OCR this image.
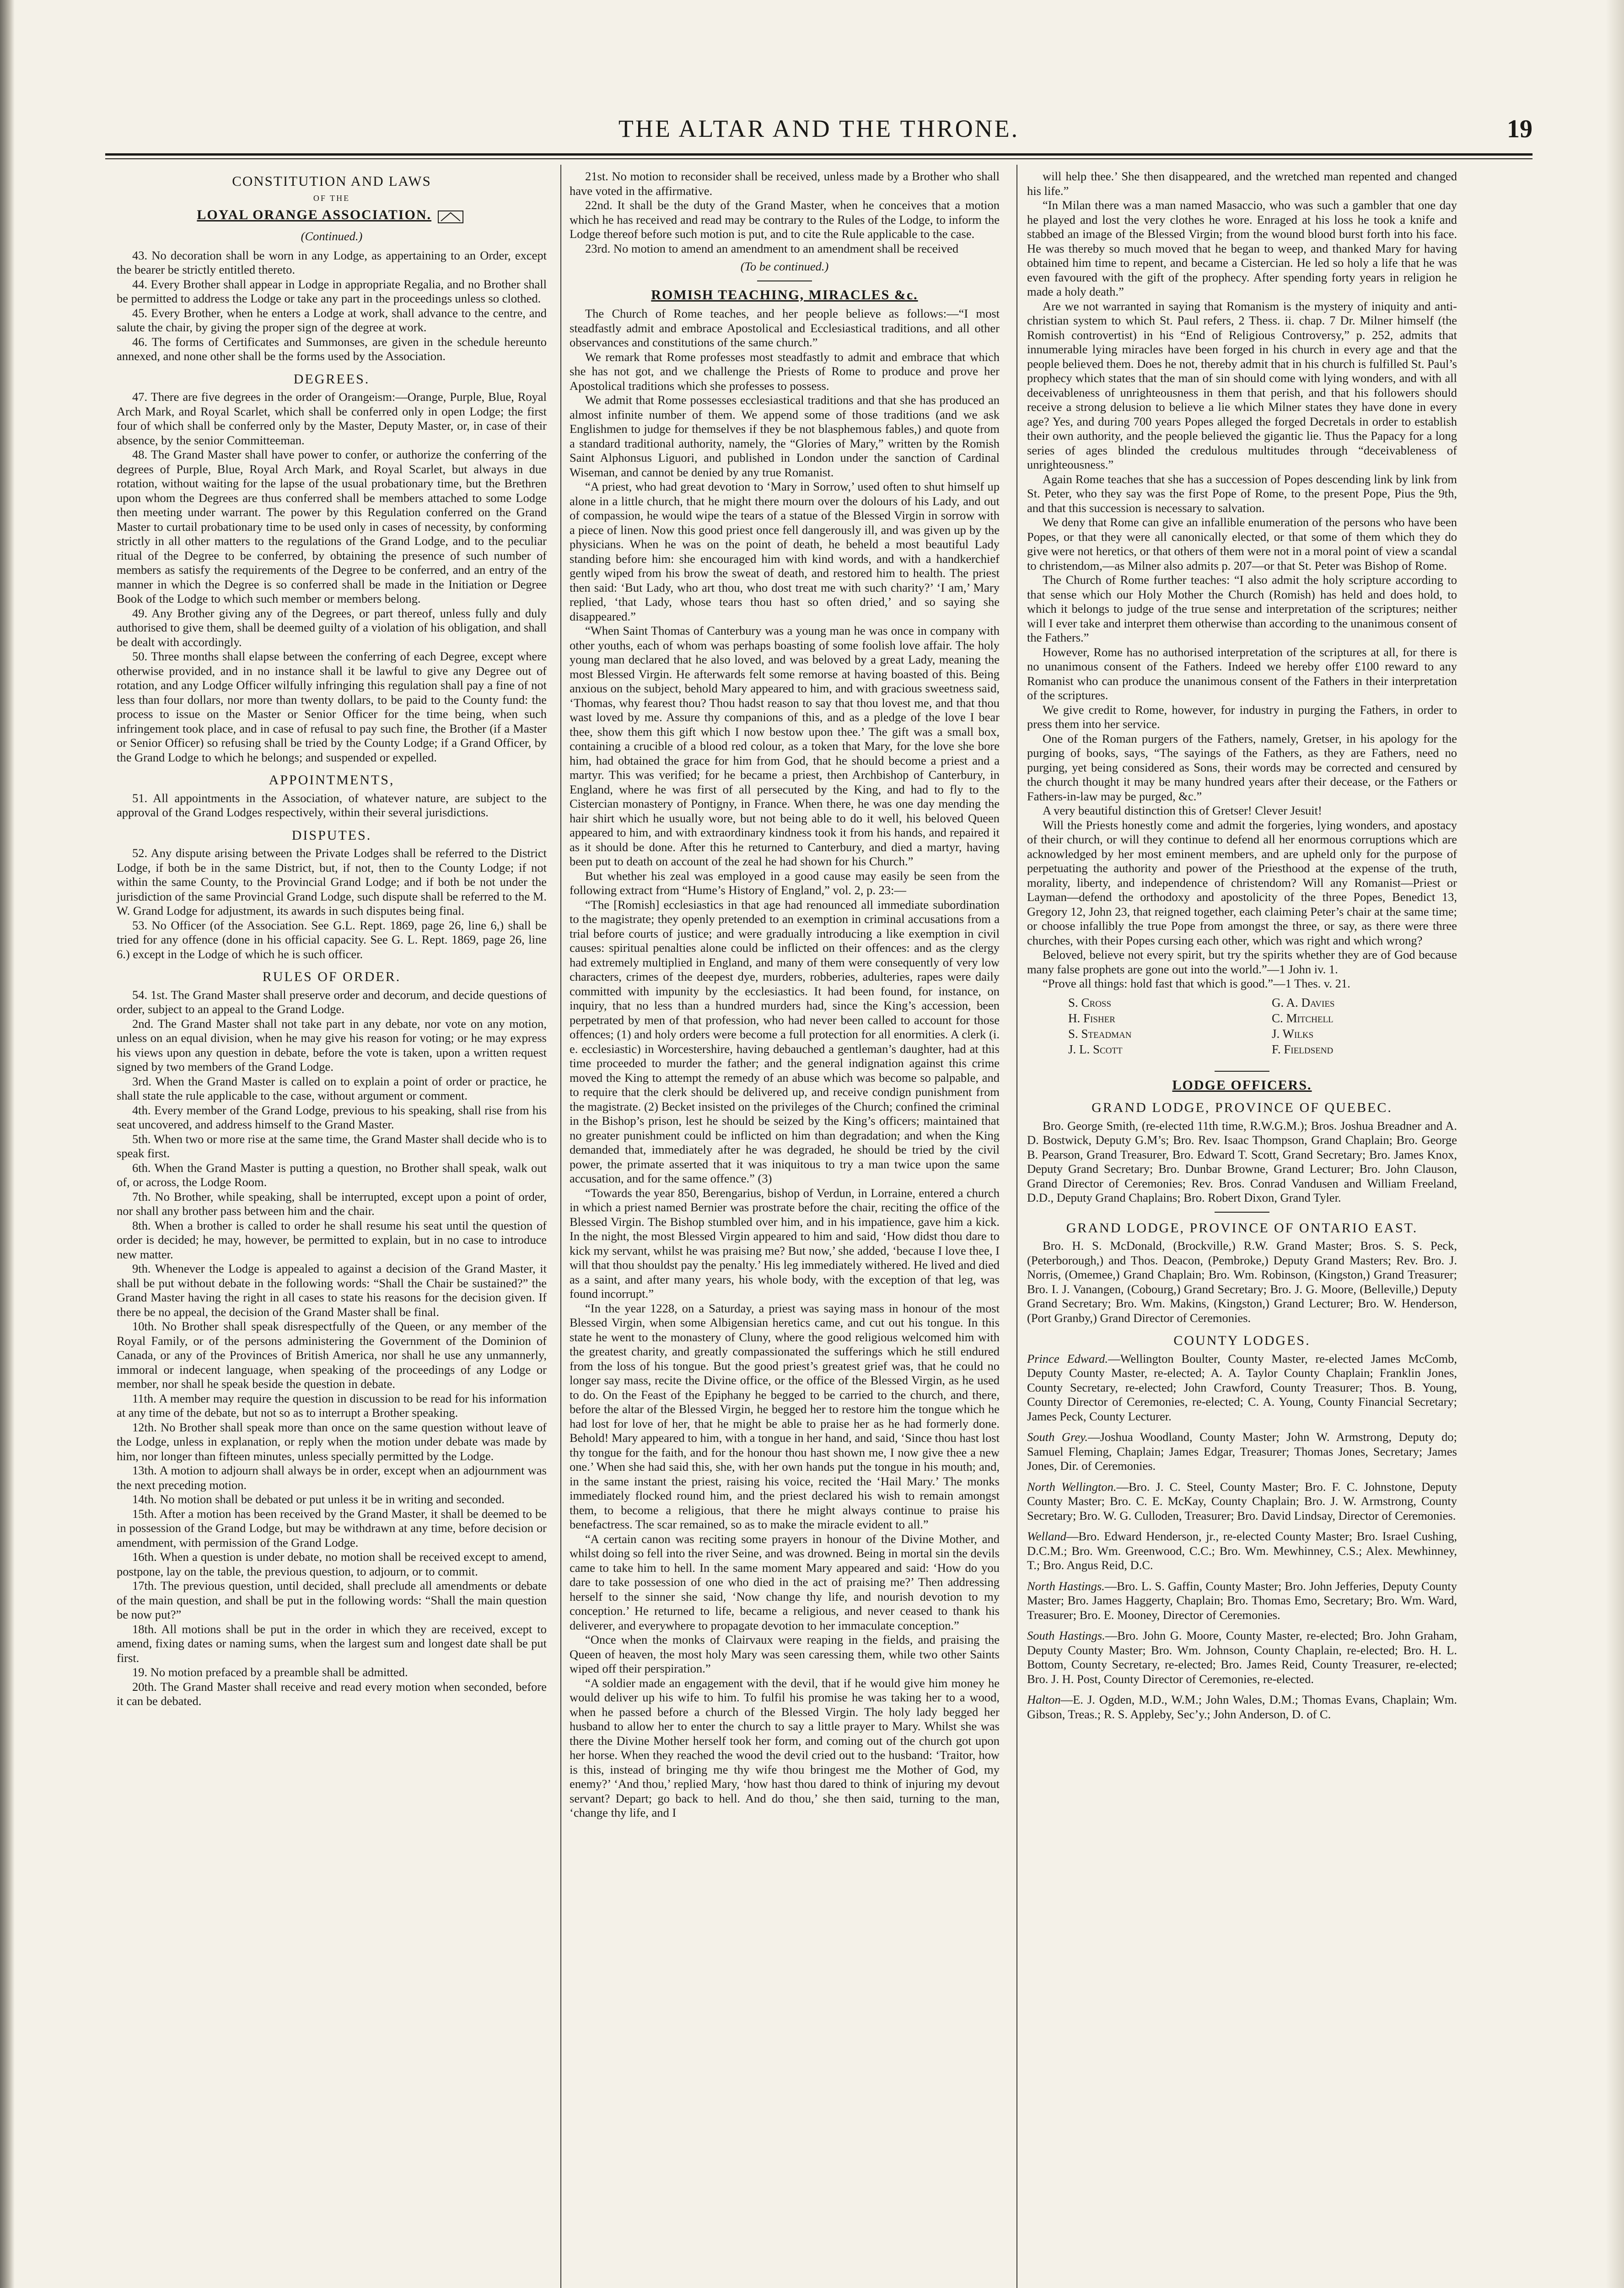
THE ALTAR AND THE THRONE.	19
CONSTITUTION AND LAWS
OF THE
LOYAL ORANGE ASSOCIATION.
(Continued.)

43. No decoration shall be worn in any Lodge, as appertaining to an Order, except the bearer be strictly entitled thereto.

44. Every Brother shall appear in Lodge in appropriate Regalia, and no Brother shall be permitted to address the Lodge or take any part in the proceedings unless so clothed.

45. Every Brother, when he enters a Lodge at work, shall advance to the centre, and salute the chair, by giving the proper sign of the degree at work.

46. The forms of Certificates and Summonses, are given in the schedule hereunto annexed, and none other shall be the forms used by the Association.

DEGREES.

47. There are five degrees in the order of Orangeism:—Orange, Purple, Blue, Royal Arch Mark, and Royal Scarlet, which shall be conferred only in open Lodge; the first four of which shall be conferred only by the Master, Deputy Master, or, in case of their absence, by the senior Committeeman.

48. The Grand Master shall have power to confer, or authorize the conferring of the degrees of Purple, Blue, Royal Arch Mark, and Royal Scarlet, but always in due rotation, without waiting for the lapse of the usual probationary time, but the Brethren upon whom the Degrees are thus conferred shall be members attached to some Lodge then meeting under warrant. The power by this Regulation conferred on the Grand Master to curtail probationary time to be used only in cases of necessity, by conforming strictly in all other matters to the regulations of the Grand Lodge, and to the peculiar ritual of the Degree to be conferred, by obtaining the presence of such number of members as satisfy the requirements of the Degree to be conferred, and an entry of the manner in which the Degree is so conferred shall be made in the Initiation or Degree Book of the Lodge to which such member or members belong.

49. Any Brother giving any of the Degrees, or part thereof, unless fully and duly authorised to give them, shall be deemed guilty of a violation of his obligation, and shall be dealt with accordingly.

50. Three months shall elapse between the conferring of each Degree, except where otherwise provided, and in no instance shall it be lawful to give any Degree out of rotation, and any Lodge Officer wilfully infringing this regulation shall pay a fine of not less than four dollars, nor more than twenty dollars, to be paid to the County fund: the process to issue on the Master or Senior Officer for the time being, when such infringement took place, and in case of refusal to pay such fine, the Brother (if a Master or Senior Officer) so refusing shall be tried by the County Lodge; if a Grand Officer, by the Grand Lodge to which he belongs; and suspended or expelled.

APPOINTMENTS,

51. All appointments in the Association, of whatever nature, are subject to the approval of the Grand Lodges respectively, within their several jurisdictions.

DISPUTES.

52. Any dispute arising between the Private Lodges shall be referred to the District Lodge, if both be in the same District, but, if not, then to the County Lodge; if not within the same County, to the Provincial Grand Lodge; and if both be not under the jurisdiction of the same Provincial Grand Lodge, such dispute shall be referred to the M. W. Grand Lodge for adjustment, its awards in such disputes being final.

53. No Officer (of the Association. See G.L. Rept. 1869, page 26, line 6,) shall be tried for any offence (done in his official capacity. See G. L. Rept. 1869, page 26, line 6.) except in the Lodge of which he is such officer.

RULES OF ORDER.

54. 1st. The Grand Master shall preserve order and decorum, and decide questions of order, subject to an appeal to the Grand Lodge.

2nd. The Grand Master shall not take part in any debate, nor vote on any motion, unless on an equal division, when he may give his reason for voting; or he may express his views upon any question in debate, before the vote is taken, upon a written request signed by two members of the Grand Lodge.

3rd. When the Grand Master is called on to explain a point of order or practice, he shall state the rule applicable to the case, without argument or comment.

4th. Every member of the Grand Lodge, previous to his speaking, shall rise from his seat uncovered, and address himself to the Grand Master.

5th. When two or more rise at the same time, the Grand Master shall decide who is to speak first.

6th. When the Grand Master is putting a question, no Brother shall speak, walk out of, or across, the Lodge Room.

7th. No Brother, while speaking, shall be interrupted, except upon a point of order, nor shall any brother pass between him and the chair.

8th. When a brother is called to order he shall resume his seat until the question of order is decided; he may, however, be permitted to explain, but in no case to introduce new matter.

9th. Whenever the Lodge is appealed to against a decision of the Grand Master, it shall be put without debate in the following words: “Shall the Chair be sustained?” the Grand Master having the right in all cases to state his reasons for the decision given. If there be no appeal, the decision of the Grand Master shall be final.

10th. No Brother shall speak disrespectfully of the Queen, or any member of the Royal Family, or of the persons administering the Government of the Dominion of Canada, or any of the Provinces of British America, nor shall he use any unmannerly, immoral or indecent language, when speaking of the proceedings of any Lodge or member, nor shall he speak beside the question in debate.

11th. A member may require the question in discussion to be read for his information at any time of the debate, but not so as to interrupt a Brother speaking.

12th. No Brother shall speak more than once on the same question without leave of the Lodge, unless in explanation, or reply when the motion under debate was made by him, nor longer than fifteen minutes, unless specially permitted by the Lodge.

13th. A motion to adjourn shall always be in order, except when an adjournment was the next preceding motion.

14th. No motion shall be debated or put unless it be in writing and seconded.

15th. After a motion has been received by the Grand Master, it shall be deemed to be in possession of the Grand Lodge, but may be withdrawn at any time, before decision or amendment, with permission of the Grand Lodge.

16th. When a question is under debate, no motion shall be received except to amend, postpone, lay on the table, the previous question, to adjourn, or to commit.

17th. The previous question, until decided, shall preclude all amendments or debate of the main question, and shall be put in the following words: “Shall the main question be now put?”

18th. All motions shall be put in the order in which they are received, except to amend, fixing dates or naming sums, when the largest sum and longest date shall be put first.

19. No motion prefaced by a preamble shall be admitted.

20th. The Grand Master shall receive and read every motion when seconded, before it can be debated.

21st. No motion to reconsider shall be received, unless made by a Brother who shall have voted in the affirmative.

22nd. It shall be the duty of the Grand Master, when he conceives that a motion which he has received and read may be contrary to the Rules of the Lodge, to inform the Lodge thereof before such motion is put, and to cite the Rule applicable to the case.

23rd. No motion to amend an amendment to an amendment shall be received

(To be continued.)
ROMISH TEACHING, MIRACLES &c.

The Church of Rome teaches, and her people believe as follows:—“I most steadfastly admit and embrace Apostolical and Ecclesiastical traditions, and all other observances and constitutions of the same church.”

We remark that Rome professes most steadfastly to admit and embrace that which she has not got, and we challenge the Priests of Rome to produce and prove her Apostolical traditions which she professes to possess.

We admit that Rome possesses ecclesiastical traditions and that she has produced an almost infinite number of them. We append some of those traditions (and we ask Englishmen to judge for themselves if they be not blasphemous fables,) and quote from a standard traditional authority, namely, the “Glories of Mary,” written by the Romish Saint Alphonsus Liguori, and published in London under the sanction of Cardinal Wiseman, and cannot be denied by any true Romanist.

“A priest, who had great devotion to ‘Mary in Sorrow,’ used often to shut himself up alone in a little church, that he might there mourn over the dolours of his Lady, and out of compassion, he would wipe the tears of a statue of the Blessed Virgin in sorrow with a piece of linen. Now this good priest once fell dangerously ill, and was given up by the physicians. When he was on the point of death, he beheld a most beautiful Lady standing before him: she encouraged him with kind words, and with a handkerchief gently wiped from his brow the sweat of death, and restored him to health. The priest then said: ‘But Lady, who art thou, who dost treat me with such charity?’ ‘I am,’ Mary replied, ‘that Lady, whose tears thou hast so often dried,’ and so saying she disappeared.”

“When Saint Thomas of Canterbury was a young man he was once in company with other youths, each of whom was perhaps boasting of some foolish love affair. The holy young man declared that he also loved, and was beloved by a great Lady, meaning the most Blessed Virgin. He afterwards felt some remorse at having boasted of this. Being anxious on the subject, behold Mary appeared to him, and with gracious sweetness said, ‘Thomas, why fearest thou? Thou hadst reason to say that thou lovest me, and that thou wast loved by me. Assure thy companions of this, and as a pledge of the love I bear thee, show them this gift which I now bestow upon thee.’ The gift was a small box, containing a crucible of a blood red colour, as a token that Mary, for the love she bore him, had obtained the grace for him from God, that he should become a priest and a martyr. This was verified; for he became a priest, then Archbishop of Canterbury, in England, where he was first of all persecuted by the King, and had to fly to the Cistercian monastery of Pontigny, in France. When there, he was one day mending the hair shirt which he usually wore, but not being able to do it well, his beloved Queen appeared to him, and with extraordinary kindness took it from his hands, and repaired it as it should be done. After this he returned to Canterbury, and died a martyr, having been put to death on account of the zeal he had shown for his Church.”

But whether his zeal was employed in a good cause may easily be seen from the following extract from “Hume’s History of England,” vol. 2, p. 23:—

“The [Romish] ecclesiastics in that age had renounced all immediate subordination to the magistrate; they openly pretended to an exemption in criminal accusations from a trial before courts of justice; and were gradually introducing a like exemption in civil causes: spiritual penalties alone could be inflicted on their offences: and as the clergy had extremely multiplied in England, and many of them were consequently of very low characters, crimes of the deepest dye, murders, robberies, adulteries, rapes were daily committed with impunity by the ecclesiastics. It had been found, for instance, on inquiry, that no less than a hundred murders had, since the King’s accession, been perpetrated by men of that profession, who had never been called to account for those offences; (1) and holy orders were become a full protection for all enormities. A clerk (i. e. ecclesiastic) in Worcestershire, having debauched a gentleman’s daughter, had at this time proceeded to murder the father; and the general indignation against this crime moved the King to attempt the remedy of an abuse which was become so palpable, and to require that the clerk should be delivered up, and receive condign punishment from the magistrate. (2) Becket insisted on the privileges of the Church; confined the criminal in the Bishop’s prison, lest he should be seized by the King’s officers; maintained that no greater punishment could be inflicted on him than degradation; and when the King demanded that, immediately after he was degraded, he should be tried by the civil power, the primate asserted that it was iniquitous to try a man twice upon the same accusation, and for the same offence.” (3)

“Towards the year 850, Berengarius, bishop of Verdun, in Lorraine, entered a church in which a priest named Bernier was prostrate before the chair, reciting the office of the Blessed Virgin. The Bishop stumbled over him, and in his impatience, gave him a kick. In the night, the most Blessed Virgin appeared to him and said, ‘How didst thou dare to kick my servant, whilst he was praising me? But now,’ she added, ‘because I love thee, I will that thou shouldst pay the penalty.’ His leg immediately withered. He lived and died as a saint, and after many years, his whole body, with the exception of that leg, was found incorrupt.”

“In the year 1228, on a Saturday, a priest was saying mass in honour of the most Blessed Virgin, when some Albigensian heretics came, and cut out his tongue. In this state he went to the monastery of Cluny, where the good religious welcomed him with the greatest charity, and greatly compassionated the sufferings which he still endured from the loss of his tongue. But the good priest’s greatest grief was, that he could no longer say mass, recite the Divine office, or the office of the Blessed Virgin, as he used to do. On the Feast of the Epiphany he begged to be carried to the church, and there, before the altar of the Blessed Virgin, he begged her to restore him the tongue which he had lost for love of her, that he might be able to praise her as he had formerly done. Behold! Mary appeared to him, with a tongue in her hand, and said, ‘Since thou hast lost thy tongue for the faith, and for the honour thou hast shown me, I now give thee a new one.’ When she had said this, she, with her own hands put the tongue in his mouth; and, in the same instant the priest, raising his voice, recited the ‘Hail Mary.’ The monks immediately flocked round him, and the priest declared his wish to remain amongst them, to become a religious, that there he might always continue to praise his benefactress. The scar remained, so as to make the miracle evident to all.”

“A certain canon was reciting some prayers in honour of the Divine Mother, and whilst doing so fell into the river Seine, and was drowned. Being in mortal sin the devils came to take him to hell. In the same moment Mary appeared and said: ‘How do you dare to take possession of one who died in the act of praising me?’ Then addressing herself to the sinner she said, ‘Now change thy life, and nourish devotion to my conception.’ He returned to life, became a religious, and never ceased to thank his deliverer, and everywhere to propagate devotion to her immaculate conception.”

“Once when the monks of Clairvaux were reaping in the fields, and praising the Queen of heaven, the most holy Mary was seen caressing them, while two other Saints wiped off their perspiration.”

“A soldier made an engagement with the devil, that if he would give him money he would deliver up his wife to him. To fulfil his promise he was taking her to a wood, when he passed before a church of the Blessed Virgin. The holy lady begged her husband to allow her to enter the church to say a little prayer to Mary. Whilst she was there the Divine Mother herself took her form, and coming out of the church got upon her horse. When they reached the wood the devil cried out to the husband: ‘Traitor, how is this, instead of bringing me thy wife thou bringest me the Mother of God, my enemy?’ ‘And thou,’ replied Mary, ‘how hast thou dared to think of injuring my devout servant? Depart; go back to hell. And do thou,’ she then said, turning to the man, ‘change thy life, and I

will help thee.’ She then disappeared, and the wretched man repented and changed his life.”

“In Milan there was a man named Masaccio, who was such a gambler that one day he played and lost the very clothes he wore. Enraged at his loss he took a knife and stabbed an image of the Blessed Virgin; from the wound blood burst forth into his face. He was thereby so much moved that he began to weep, and thanked Mary for having obtained him time to repent, and became a Cistercian. He led so holy a life that he was even favoured with the gift of the prophecy. After spending forty years in religion he made a holy death.”

Are we not warranted in saying that Romanism is the mystery of iniquity and anti-christian system to which St. Paul refers, 2 Thess. ii. chap. 7 Dr. Milner himself (the Romish controvertist) in his “End of Religious Controversy,” p. 252, admits that innumerable lying miracles have been forged in his church in every age and that the people believed them. Does he not, thereby admit that in his church is fulfilled St. Paul’s prophecy which states that the man of sin should come with lying wonders, and with all deceivableness of unrighteousness in them that perish, and that his followers should receive a strong delusion to believe a lie which Milner states they have done in every age? Yes, and during 700 years Popes alleged the forged Decretals in order to establish their own authority, and the people believed the gigantic lie. Thus the Papacy for a long series of ages blinded the credulous multitudes through “deceivableness of unrighteousness.”

Again Rome teaches that she has a succession of Popes descending link by link from St. Peter, who they say was the first Pope of Rome, to the present Pope, Pius the 9th, and that this succession is necessary to salvation.

We deny that Rome can give an infallible enumeration of the persons who have been Popes, or that they were all canonically elected, or that some of them which they do give were not heretics, or that others of them were not in a moral point of view a scandal to christendom,—as Milner also admits p. 207—or that St. Peter was Bishop of Rome.

The Church of Rome further teaches: “I also admit the holy scripture according to that sense which our Holy Mother the Church (Romish) has held and does hold, to which it belongs to judge of the true sense and interpretation of the scriptures; neither will I ever take and interpret them otherwise than according to the unanimous consent of the Fathers.”

However, Rome has no authorised interpretation of the scriptures at all, for there is no unanimous consent of the Fathers. Indeed we hereby offer £100 reward to any Romanist who can produce the unanimous consent of the Fathers in their interpretation of the scriptures.

We give credit to Rome, however, for industry in purging the Fathers, in order to press them into her service.

One of the Roman purgers of the Fathers, namely, Gretser, in his apology for the purging of books, says, “The sayings of the Fathers, as they are Fathers, need no purging, yet being considered as Sons, their words may be corrected and censured by the church thought it may be many hundred years after their decease, or the Fathers or Fathers-in-law may be purged, &c.”

A very beautiful distinction this of Gretser! Clever Jesuit!

Will the Priests honestly come and admit the forgeries, lying wonders, and apostacy of their church, or will they continue to defend all her enormous corruptions which are acknowledged by her most eminent members, and are upheld only for the purpose of perpetuating the authority and power of the Priesthood at the expense of the truth, morality, liberty, and independence of christendom? Will any Romanist—Priest or Layman—defend the orthodoxy and apostolicity of the three Popes, Benedict 13, Gregory 12, John 23, that reigned together, each claiming Peter’s chair at the same time; or choose infallibly the true Pope from amongst the three, or say, as there were three churches, with their Popes cursing each other, which was right and which wrong?

Beloved, believe not every spirit, but try the spirits whether they are of God because many false prophets are gone out into the world.”—1 John iv. 1.

“Prove all things: hold fast that which is good.”—1 Thes. v. 21.

S. Cross	G. A. Davies
H. Fisher	C. Mitchell
S. Steadman	J. Wilks
J. L. Scott	F. Fieldsend
LODGE OFFICERS.
GRAND LODGE, PROVINCE OF QUEBEC.

Bro. George Smith, (re-elected 11th time, R.W.G.M.); Bros. Joshua Breadner and A. D. Bostwick, Deputy G.M’s; Bro. Rev. Isaac Thompson, Grand Chaplain; Bro. George B. Pearson, Grand Treasurer, Bro. Edward T. Scott, Grand Secretary; Bro. James Knox, Deputy Grand Secretary; Bro. Dunbar Browne, Grand Lecturer; Bro. John Clauson, Grand Director of Ceremonies; Rev. Bros. Conrad Vandusen and William Freeland, D.D., Deputy Grand Chaplains; Bro. Robert Dixon, Grand Tyler.

GRAND LODGE, PROVINCE OF ONTARIO EAST.

Bro. H. S. McDonald, (Brockville,) R.W. Grand Master; Bros. S. S. Peck, (Peterborough,) and Thos. Deacon, (Pembroke,) Deputy Grand Masters; Rev. Bro. J. Norris, (Omemee,) Grand Chaplain; Bro. Wm. Robinson, (Kingston,) Grand Treasurer; Bro. I. J. Vanangen, (Cobourg,) Grand Secretary; Bro. J. G. Moore, (Belleville,) Deputy Grand Secretary; Bro. Wm. Makins, (Kingston,) Grand Lecturer; Bro. W. Henderson, (Port Granby,) Grand Director of Ceremonies.

COUNTY LODGES.

Prince Edward.—Wellington Boulter, County Master, re-elected James McComb, Deputy County Master, re-elected; A. A. Taylor County Chaplain; Franklin Jones, County Secretary, re-elected; John Crawford, County Treasurer; Thos. B. Young, County Director of Ceremonies, re-elected; C. A. Young, County Financial Secretary; James Peck, County Lecturer.

South Grey.—Joshua Woodland, County Master; John W. Armstrong, Deputy do; Samuel Fleming, Chaplain; James Edgar, Treasurer; Thomas Jones, Secretary; James Jones, Dir. of Ceremonies.

North Wellington.—Bro. J. C. Steel, County Master; Bro. F. C. Johnstone, Deputy County Master; Bro. C. E. McKay, County Chaplain; Bro. J. W. Armstrong, County Secretary; Bro. W. G. Culloden, Treasurer; Bro. David Lindsay, Director of Ceremonies.

Welland—Bro. Edward Henderson, jr., re-elected County Master; Bro. Israel Cushing, D.C.M.; Bro. Wm. Greenwood, C.C.; Bro. Wm. Mewhinney, C.S.; Alex. Mewhinney, T.; Bro. Angus Reid, D.C.

North Hastings.—Bro. L. S. Gaffin, County Master; Bro. John Jefferies, Deputy County Master; Bro. James Haggerty, Chaplain; Bro. Thomas Emo, Secretary; Bro. Wm. Ward, Treasurer; Bro. E. Mooney, Director of Ceremonies.

South Hastings.—Bro. John G. Moore, County Master, re-elected; Bro. John Graham, Deputy County Master; Bro. Wm. Johnson, County Chaplain, re-elected; Bro. H. L. Bottom, County Secretary, re-elected; Bro. James Reid, County Treasurer, re-elected; Bro. J. H. Post, County Director of Ceremonies, re-elected.

Halton—E. J. Ogden, M.D., W.M.; John Wales, D.M.; Thomas Evans, Chaplain; Wm. Gibson, Treas.; R. S. Appleby, Sec’y.; John Anderson, D. of C.
